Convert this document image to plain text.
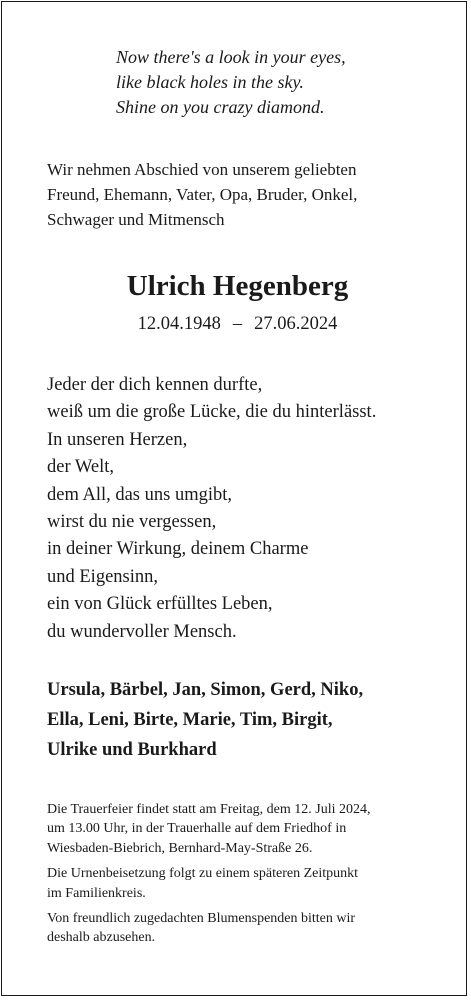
Now there's a look in your eyes,
like black holes in the sky.
Shine on you crazy diamond.
Wir nehmen Abschied von unserem geliebten
Freund, Ehemann, Vater, Opa, Bruder, Onkel,
Schwager und Mitmensch
Ulrich Hegenberg
12.04.1948 – 27.06.2024
Jeder der dich kennen durfte,
weiß um die große Lücke, die du hinterlässt.
In unseren Herzen,
der Welt,
dem All, das uns umgibt,
wirst du nie vergessen,
in deiner Wirkung, deinem Charme
und Eigensinn,
ein von Glück erfülltes Leben,
du wundervoller Mensch.
Ursula, Bärbel, Jan, Simon, Gerd, Niko,
Ella, Leni, Birte, Marie, Tim, Birgit,
Ulrike und Burkhard

Die Trauerfeier findet statt am Freitag, dem 12. Juli 2024,
um 13.00 Uhr, in der Trauerhalle auf dem Friedhof in
Wiesbaden-Biebrich, Bernhard-May-Straße 26.

Die Urnenbeisetzung folgt zu einem späteren Zeitpunkt
im Familienkreis.

Von freundlich zugedachten Blumenspenden bitten wir
deshalb abzusehen.
